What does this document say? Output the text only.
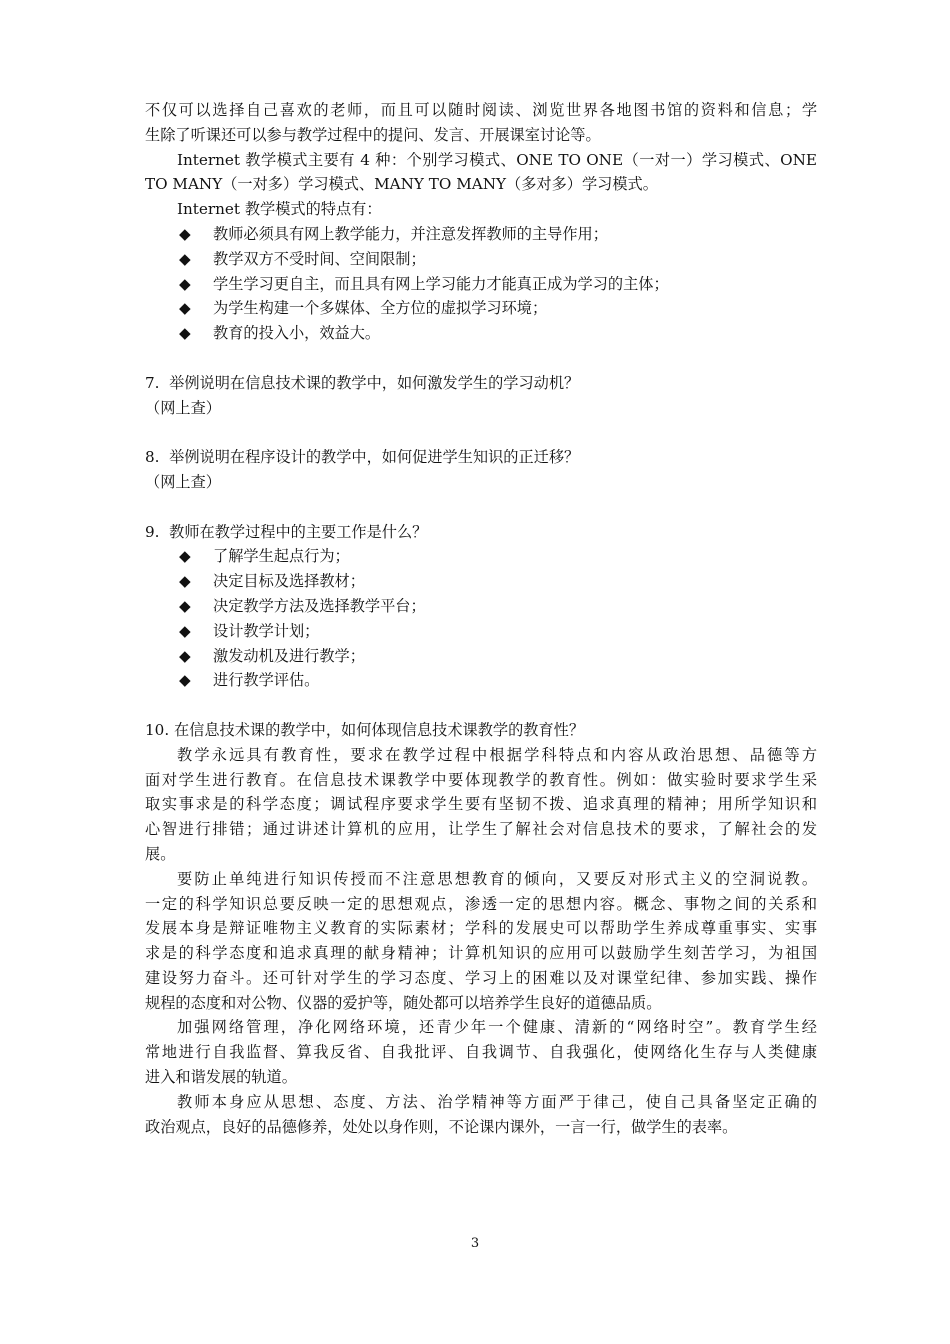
不仅可以选择自己喜欢的老师，而且可以随时阅读、浏览世界各地图书馆的资料和信息；学
生除了听课还可以参与教学过程中的提问、发言、开展课室讨论等。
Internet 教学模式主要有 4 种：个别学习模式、ONE TO ONE（一对一）学习模式、ONE
TO MANY（一对多）学习模式、MANY TO MANY（多对多）学习模式。
Internet 教学模式的特点有：
◆ 教师必须具有网上教学能力，并注意发挥教师的主导作用；
◆ 教学双方不受时间、空间限制；
◆ 学生学习更自主，而且具有网上学习能力才能真正成为学习的主体；
◆ 为学生构建一个多媒体、全方位的虚拟学习环境；
◆ 教育的投入小，效益大。
7. 举例说明在信息技术课的教学中，如何激发学生的学习动机？
（网上查）
8. 举例说明在程序设计的教学中，如何促进学生知识的正迁移？
（网上查）
9. 教师在教学过程中的主要工作是什么？
◆ 了解学生起点行为；
◆ 决定目标及选择教材；
◆ 决定教学方法及选择教学平台；
◆ 设计教学计划；
◆ 激发动机及进行教学；
◆ 进行教学评估。
10. 在信息技术课的教学中，如何体现信息技术课教学的教育性？
教学永远具有教育性，要求在教学过程中根据学科特点和内容从政治思想、品德等方
面对学生进行教育。在信息技术课教学中要体现教学的教育性。例如：做实验时要求学生采
取实事求是的科学态度；调试程序要求学生要有坚韧不拨、追求真理的精神；用所学知识和
心智进行排错；通过讲述计算机的应用，让学生了解社会对信息技术的要求，了解社会的发
展。
要防止单纯进行知识传授而不注意思想教育的倾向，又要反对形式主义的空洞说教。
一定的科学知识总要反映一定的思想观点，渗透一定的思想内容。概念、事物之间的关系和
发展本身是辩证唯物主义教育的实际素材；学科的发展史可以帮助学生养成尊重事实、实事
求是的科学态度和追求真理的献身精神；计算机知识的应用可以鼓励学生刻苦学习，为祖国
建设努力奋斗。还可针对学生的学习态度、学习上的困难以及对课堂纪律、参加实践、操作
规程的态度和对公物、仪器的爱护等，随处都可以培养学生良好的道德品质。
加强网络管理，净化网络环境，还青少年一个健康、清新的“网络时空”。教育学生经
常地进行自我监督、算我反省、自我批评、自我调节、自我强化，使网络化生存与人类健康
进入和谐发展的轨道。
教师本身应从思想、态度、方法、治学精神等方面严于律己，使自己具备坚定正确的
政治观点，良好的品德修养，处处以身作则，不论课内课外，一言一行，做学生的表率。
3
